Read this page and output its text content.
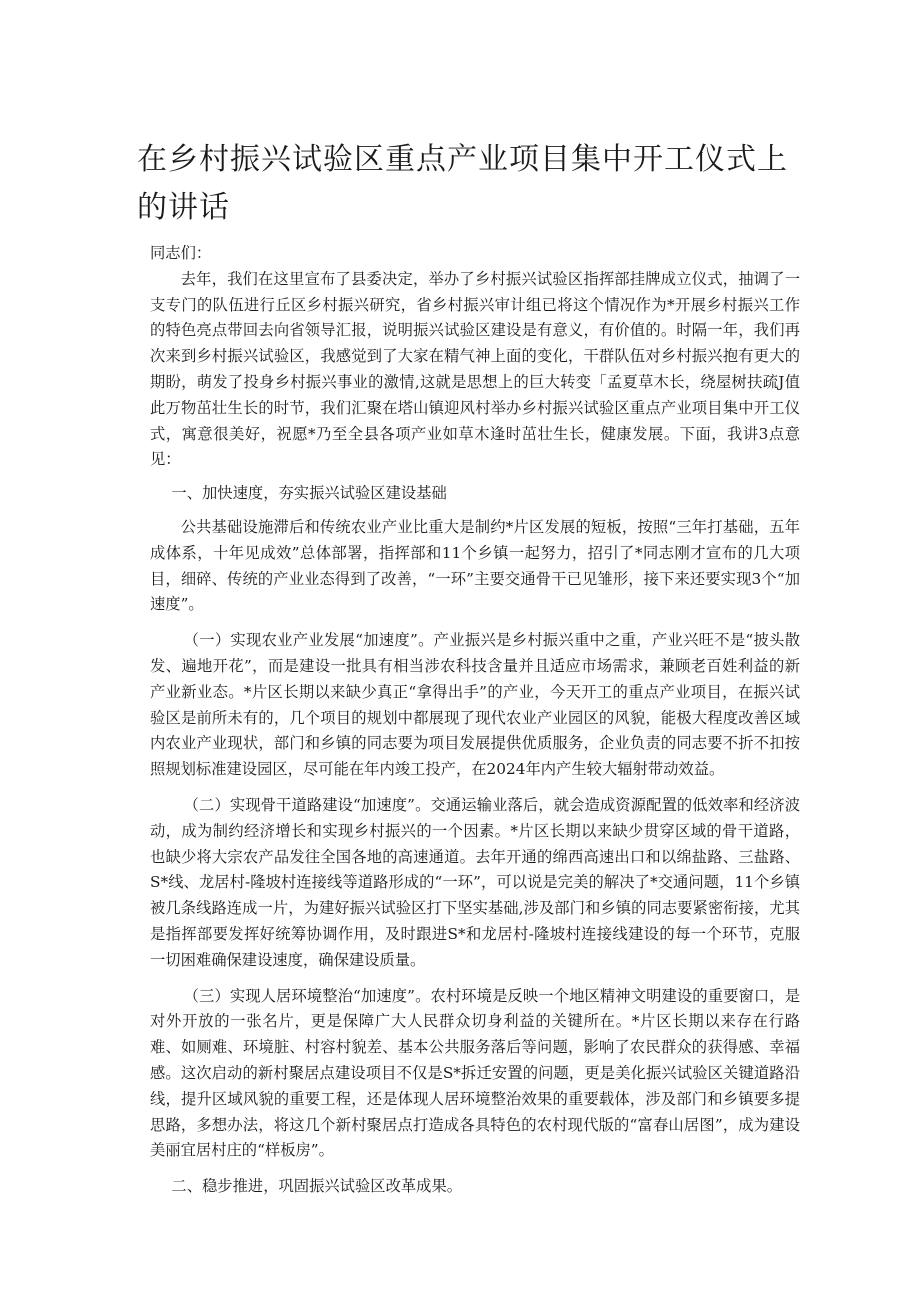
在乡村振兴试验区重点产业项目集中开工仪式上的讲话

同志们：

去年，我们在这里宣布了县委决定，举办了乡村振兴试验区指挥部挂牌成立仪式，抽调了一支专门的队伍进行丘区乡村振兴研究，省乡村振兴审计组已将这个情况作为*开展乡村振兴工作的特色亮点带回去向省领导汇报，说明振兴试验区建设是有意义，有价值的。时隔一年，我们再次来到乡村振兴试验区，我感觉到了大家在精气神上面的变化，干群队伍对乡村振兴抱有更大的期盼，萌发了投身乡村振兴事业的激情,这就是思想上的巨大转变「孟夏草木长，绕屋树扶疏J值此万物茁壮生长的时节，我们汇聚在塔山镇迎风村举办乡村振兴试验区重点产业项目集中开工仪式，寓意很美好，祝愿*乃至全县各项产业如草木逢时茁壮生长，健康发展。下面，我讲3点意见：

一、加快速度，夯实振兴试验区建设基础

公共基础设施滞后和传统农业产业比重大是制约*片区发展的短板，按照“三年打基础，五年成体系，十年见成效”总体部署，指挥部和11个乡镇一起努力，招引了*同志刚才宣布的几大项目，细碎、传统的产业业态得到了改善，“一环”主要交通骨干已见雏形，接下来还要实现3个“加速度”。

（一）实现农业产业发展“加速度”。产业振兴是乡村振兴重中之重，产业兴旺不是“披头散发、遍地开花”，而是建设一批具有相当涉农科技含量并且适应市场需求，兼顾老百姓利益的新产业新业态。*片区长期以来缺少真正“拿得出手”的产业，今天开工的重点产业项目，在振兴试验区是前所未有的，几个项目的规划中都展现了现代农业产业园区的风貌，能极大程度改善区域内农业产业现状，部门和乡镇的同志要为项目发展提供优质服务，企业负责的同志要不折不扣按照规划标准建设园区，尽可能在年内竣工投产，在2024年内产生较大辐射带动效益。

（二）实现骨干道路建设“加速度”。交通运输业落后，就会造成资源配置的低效率和经济波动，成为制约经济增长和实现乡村振兴的一个因素。*片区长期以来缺少贯穿区域的骨干道路，也缺少将大宗农产品发往全国各地的高速通道。去年开通的绵西高速出口和以绵盐路、三盐路、S*线、龙居村-隆坡村连接线等道路形成的“一环”，可以说是完美的解决了*交通问题，11个乡镇被几条线路连成一片，为建好振兴试验区打下坚实基础,涉及部门和乡镇的同志要紧密衔接，尤其是指挥部要发挥好统筹协调作用，及时跟进S*和龙居村-隆坡村连接线建设的每一个环节，克服一切困难确保建设速度，确保建设质量。

（三）实现人居环境整治“加速度”。农村环境是反映一个地区精神文明建设的重要窗口，是对外开放的一张名片，更是保障广大人民群众切身利益的关键所在。*片区长期以来存在行路难、如厕难、环境脏、村容村貌差、基本公共服务落后等问题，影响了农民群众的获得感、幸福感。这次启动的新村聚居点建设项目不仅是S*拆迁安置的问题，更是美化振兴试验区关键道路沿线，提升区域风貌的重要工程，还是体现人居环境整治效果的重要载体，涉及部门和乡镇要多提思路，多想办法，将这几个新村聚居点打造成各具特色的农村现代版的“富春山居图”，成为建设美丽宜居村庄的“样板房”。

二、稳步推进，巩固振兴试验区改革成果。
